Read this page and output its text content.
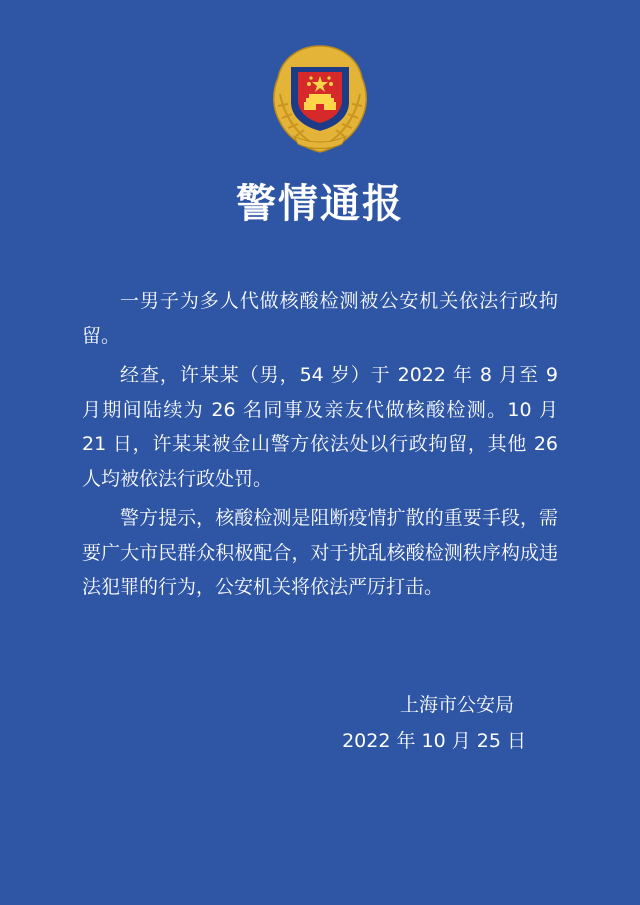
警情通报

一男子为多人代做核酸检测被公安机关依法行政拘留。

经查，许某某（男，54 岁）于 2022 年 8 月至 9 月期间陆续为 26 名同事及亲友代做核酸检测。10 月 21 日，许某某被金山警方依法处以行政拘留，其他 26 人均被依法行政处罚。

警方提示，核酸检测是阻断疫情扩散的重要手段，需要广大市民群众积极配合，对于扰乱核酸检测秩序构成违法犯罪的行为，公安机关将依法严厉打击。

上海市公安局
2022 年 10 月 25 日
